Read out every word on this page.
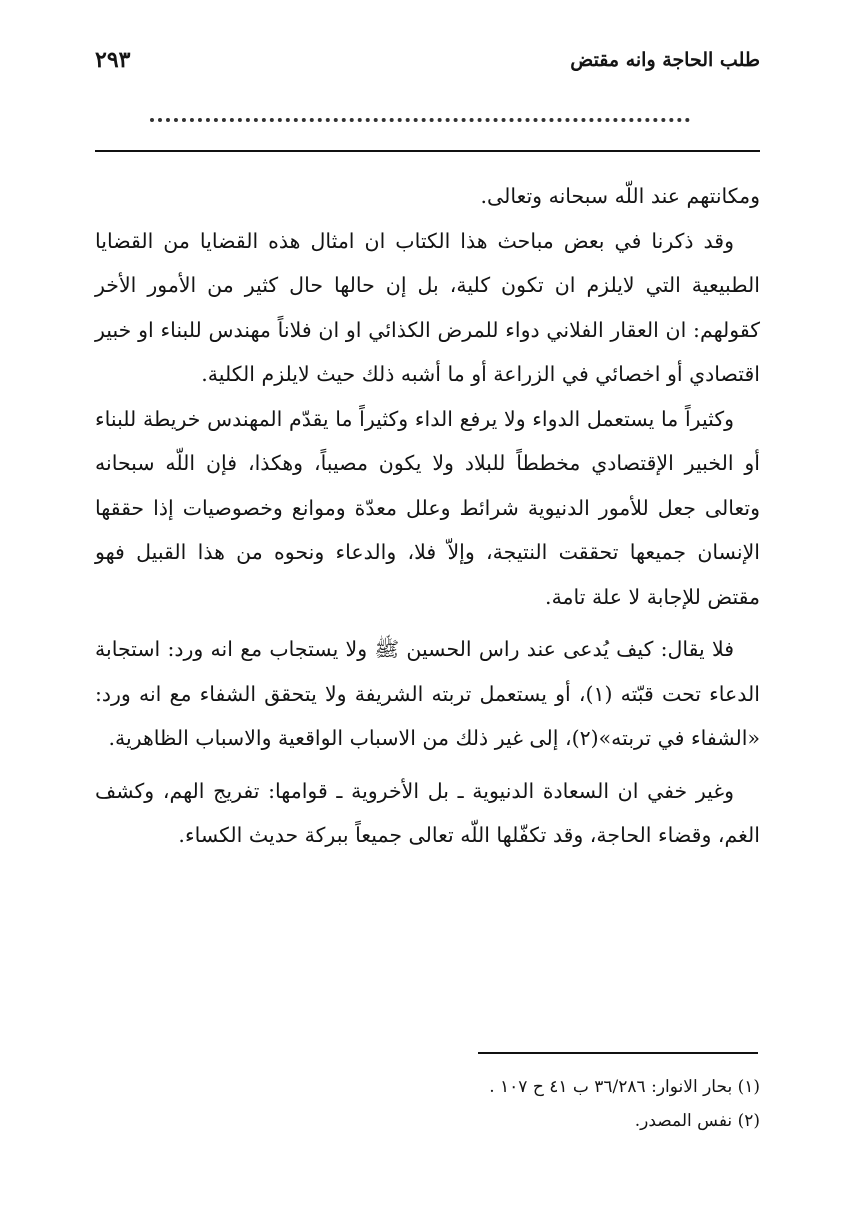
طلب الحاجة وانه مقتض
٢٩٣

ومكانتهم عند اللّه سبحانه وتعالى.

وقد ذكرنا في بعض مباحث هذا الكتاب ان امثال هذه القضايا من القضايا الطبيعية التي لايلزم ان تكون كلية، بل إن حالها حال كثير من الأمور الأخر كقولهم: ان العقار الفلاني دواء للمرض الكذائي او ان فلاناً مهندس للبناء او خبير اقتصادي أو اخصائي في الزراعة أو ما أشبه ذلك حيث لايلزم الكلية.

وكثيراً ما يستعمل الدواء ولا يرفع الداء وكثيراً ما يقدّم المهندس خريطة للبناء أو الخبير الإقتصادي مخططاً للبلاد ولا يكون مصيباً، وهكذا، فإن اللّه سبحانه وتعالى جعل للأمور الدنيوية شرائط وعلل معدّة وموانع وخصوصيات إذا حققها الإنسان جميعها تحققت النتيجة، وإلاّ فلا، والدعاء ونحوه من هذا القبيل فهو مقتض للإجابة لا علة تامة.

فلا يقال: كيف يُدعى عند راس الحسين ﷺ ولا يستجاب مع انه ورد: استجابة الدعاء تحت قبّته (١)، أو يستعمل تربته الشريفة ولا يتحقق الشفاء مع انه ورد: «الشفاء في تربته»(٢)، إلى غير ذلك من الاسباب الواقعية والاسباب الظاهرية.

وغير خفي ان السعادة الدنيوية ـ بل الأخروية ـ قوامها: تفريج الهم، وكشف الغم، وقضاء الحاجة، وقد تكفّلها اللّه تعالى جميعاً ببركة حديث الكساء.

(١) بحار الانوار: ٣٦/٢٨٦ ب ٤١ ح ١٠٧ .
(٢) نفس المصدر.
